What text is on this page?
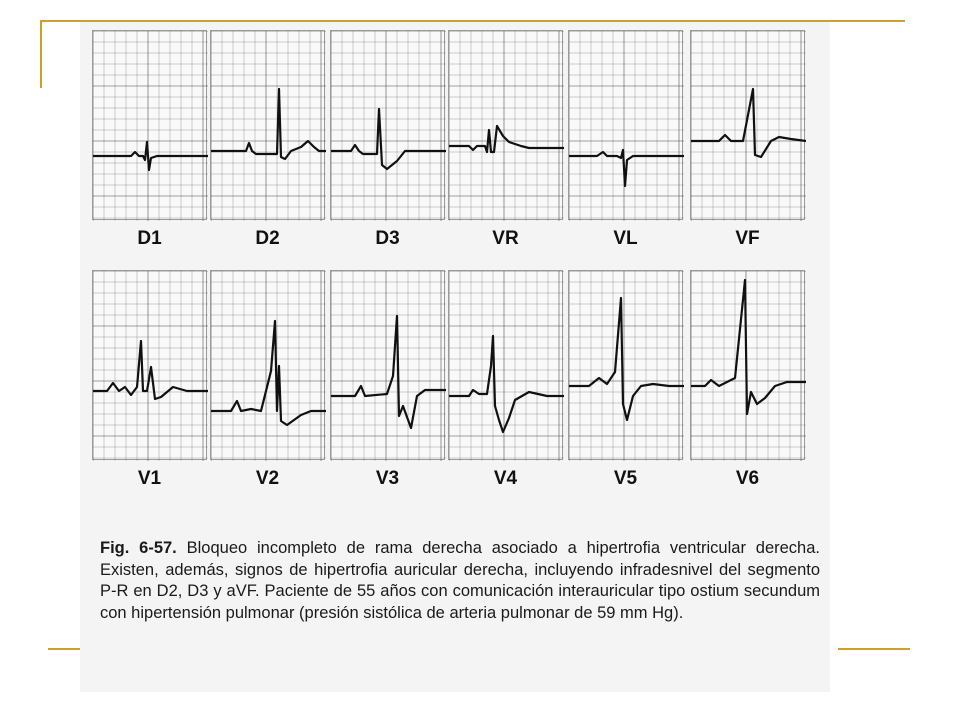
D1	D2	D3	VR	VL	VF
V1	V2	V3	V4	V5	V6
Fig. 6-57. Bloqueo incompleto de rama derecha asociado a hipertrofia ventricular derecha. Existen, además, signos de hipertrofia auricular derecha, incluyendo infradesnivel del segmento P-R en D2, D3 y aVF. Paciente de 55 años con comunicación interauricular tipo ostium secundum con hipertensión pulmonar (presión sistólica de arteria pulmonar de 59 mm Hg).
